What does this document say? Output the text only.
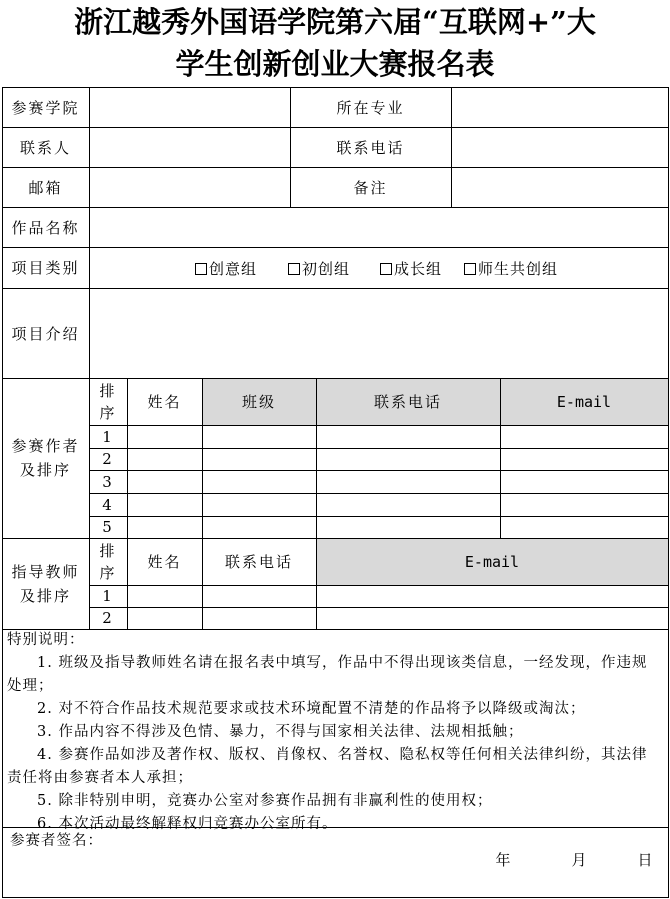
浙江越秀外国语学院第六届“互联网+”大
学生创新创业大赛报名表
参赛学院	所在专业
联系人	联系电话
邮箱	备注
作品名称
项目类别	创意组	初创组	成长组	师生共创组
项目介绍
参赛作者
及排序
排
序
姓名	班级	联系电话	E-mail
1
2
3
4
5
指导教师
及排序
排
序
姓名	联系电话	E-mail
1
2
特别说明：
1. 班级及指导教师姓名请在报名表中填写，作品中不得出现该类信息，一经发现，作违规处理；
2. 对不符合作品技术规范要求或技术环境配置不清楚的作品将予以降级或淘汰；
3. 作品内容不得涉及色情、暴力，不得与国家相关法律、法规相抵触；
4. 参赛作品如涉及著作权、版权、肖像权、名誉权、隐私权等任何相关法律纠纷，其法律责任将由参赛者本人承担；
5. 除非特别申明，竞赛办公室对参赛作品拥有非赢利性的使用权；
6. 本次活动最终解释权归竞赛办公室所有。
参赛者签名：
年	月	日
